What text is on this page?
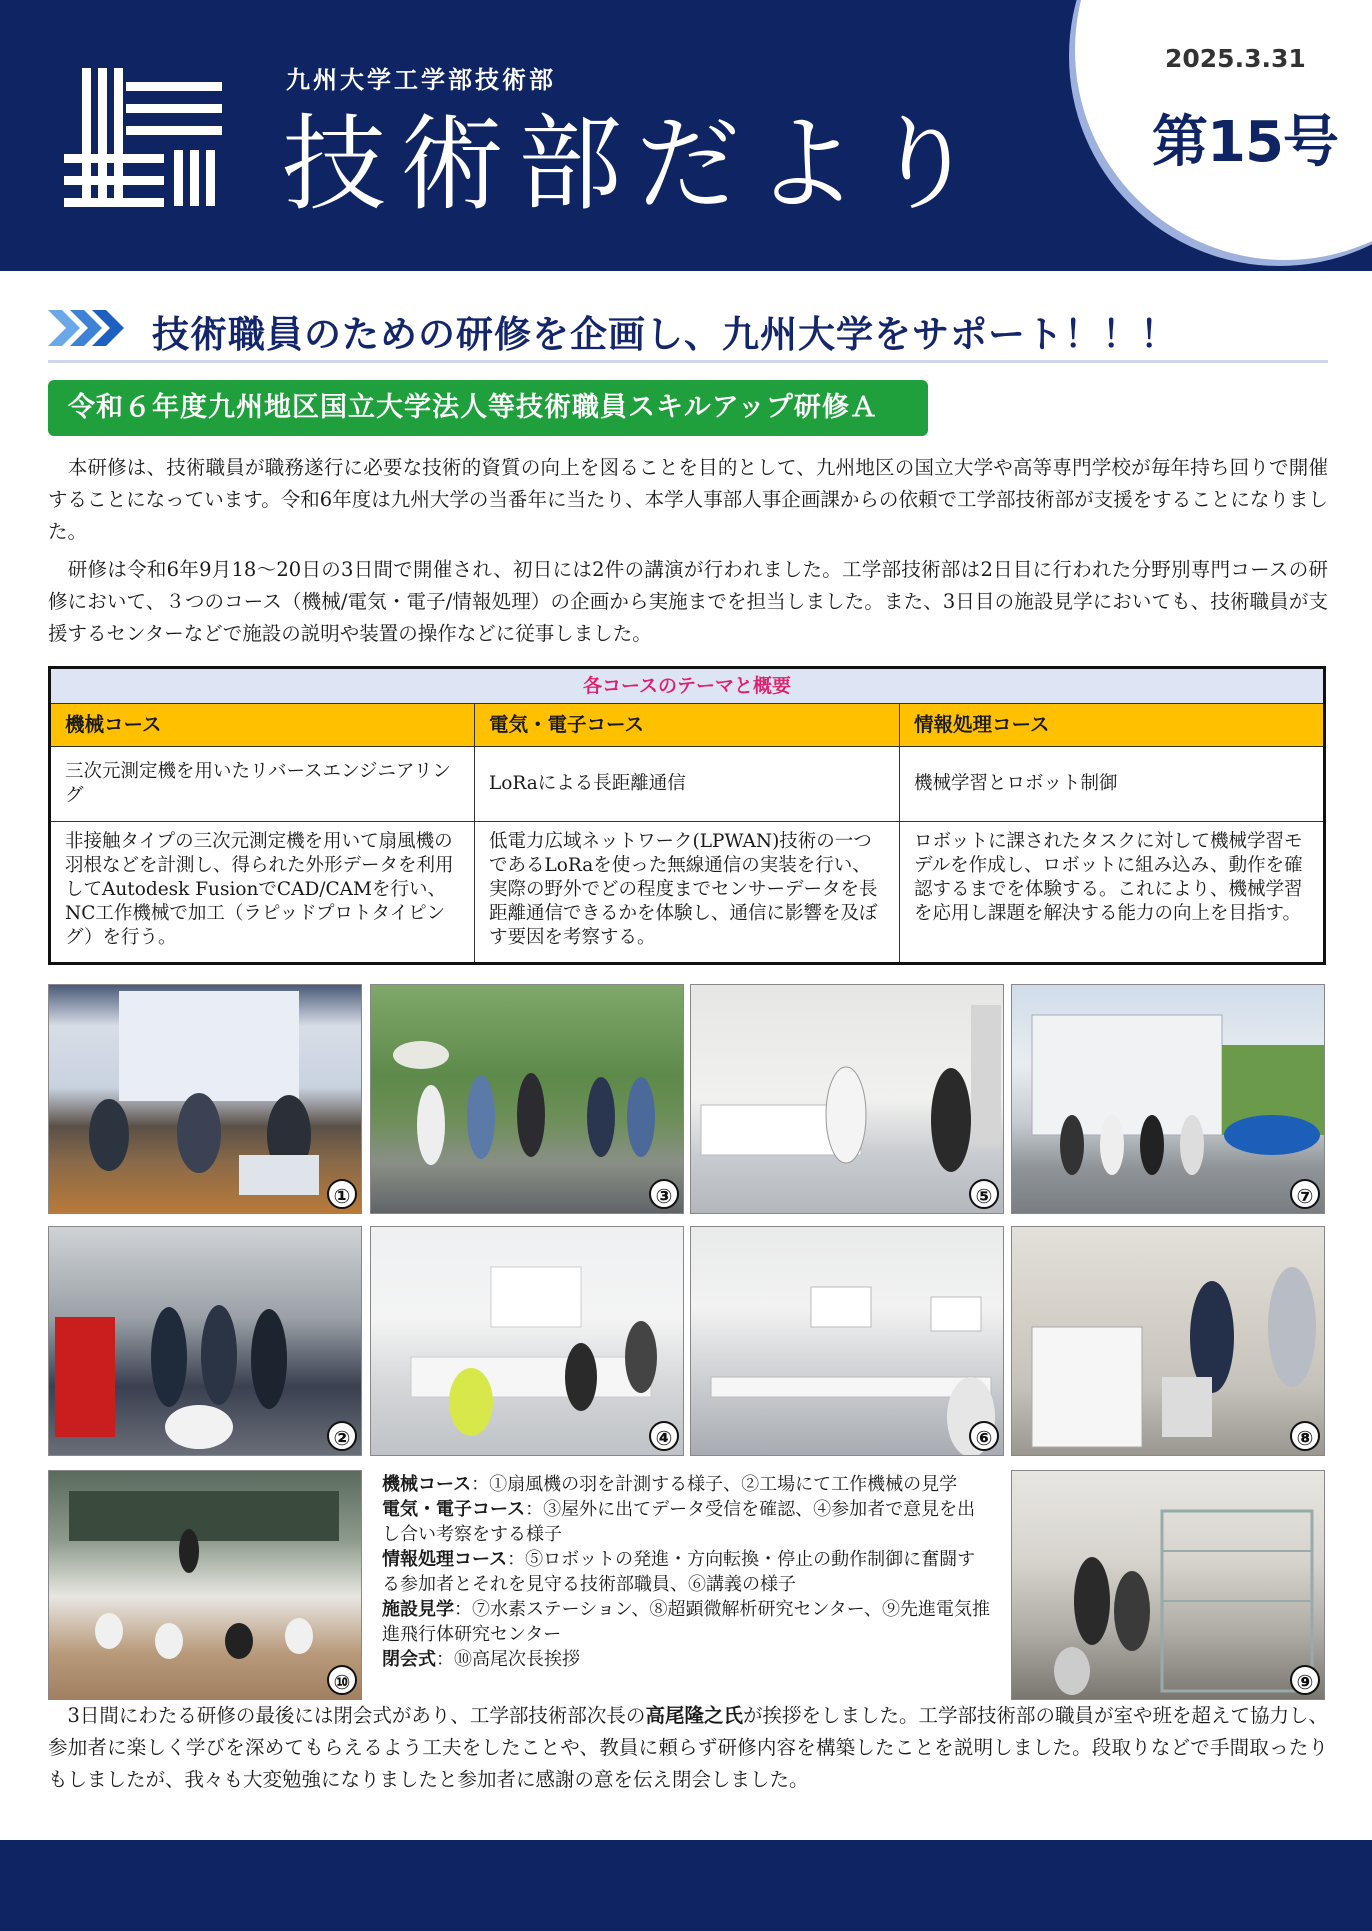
九州大学工学部技術部
技術部だより
2025.3.31
第15号
技術職員のための研修を企画し、九州大学をサポート！！！
令和６年度九州地区国立大学法人等技術職員スキルアップ研修Ａ

　本研修は、技術職員が職務遂行に必要な技術的資質の向上を図ることを目的として、九州地区の国立大学や高等専門学校が毎年持ち回りで開催することになっています。令和6年度は九州大学の当番年に当たり、本学人事部人事企画課からの依頼で工学部技術部が支援をすることになりました。

　研修は令和6年9月18〜20日の3日間で開催され、初日には2件の講演が行われました。工学部技術部は2日目に行われた分野別専門コースの研修において、３つのコース（機械/電気・電子/情報処理）の企画から実施までを担当しました。また、3日目の施設見学においても、技術職員が支援するセンターなどで施設の説明や装置の操作などに従事しました。

各コースのテーマと概要		
機械コース	電気・電子コース	情報処理コース
三次元測定機を用いたリバースエンジニアリング	LoRaによる長距離通信	機械学習とロボット制御
非接触タイプの三次元測定機を用いて扇風機の羽根などを計測し、得られた外形データを利用してAutodesk FusionでCAD/CAMを行い、NC工作機械で加工（ラピッドプロトタイピング）を行う。	低電力広域ネットワーク(LPWAN)技術の一つであるLoRaを使った無線通信の実装を行い、実際の野外でどの程度までセンサーデータを長距離通信できるかを体験し、通信に影響を及ぼす要因を考察する。	ロボットに課されたタスクに対して機械学習モデルを作成し、ロボットに組み込み、動作を確認するまでを体験する。これにより、機械学習を応用し課題を解決する能力の向上を目指す。
①	③	⑤	⑦
②	④	⑥	⑧
⑩	⑨
機械コース：①扇風機の羽を計測する様子、②工場にて工作機械の見学
電気・電子コース：③屋外に出てデータ受信を確認、④参加者で意見を出し合い考察をする様子
情報処理コース：⑤ロボットの発進・方向転換・停止の動作制御に奮闘する参加者とそれを見守る技術部職員、⑥講義の様子
施設見学：⑦水素ステーション、⑧超顕微解析研究センター、⑨先進電気推進飛行体研究センター
閉会式：⑩高尾次長挨拶

　3日間にわたる研修の最後には閉会式があり、工学部技術部次長の高尾隆之氏が挨拶をしました。工学部技術部の職員が室や班を超えて協力し、参加者に楽しく学びを深めてもらえるよう工夫をしたことや、教員に頼らず研修内容を構築したことを説明しました。段取りなどで手間取ったりもしましたが、我々も大変勉強になりましたと参加者に感謝の意を伝え閉会しました。
